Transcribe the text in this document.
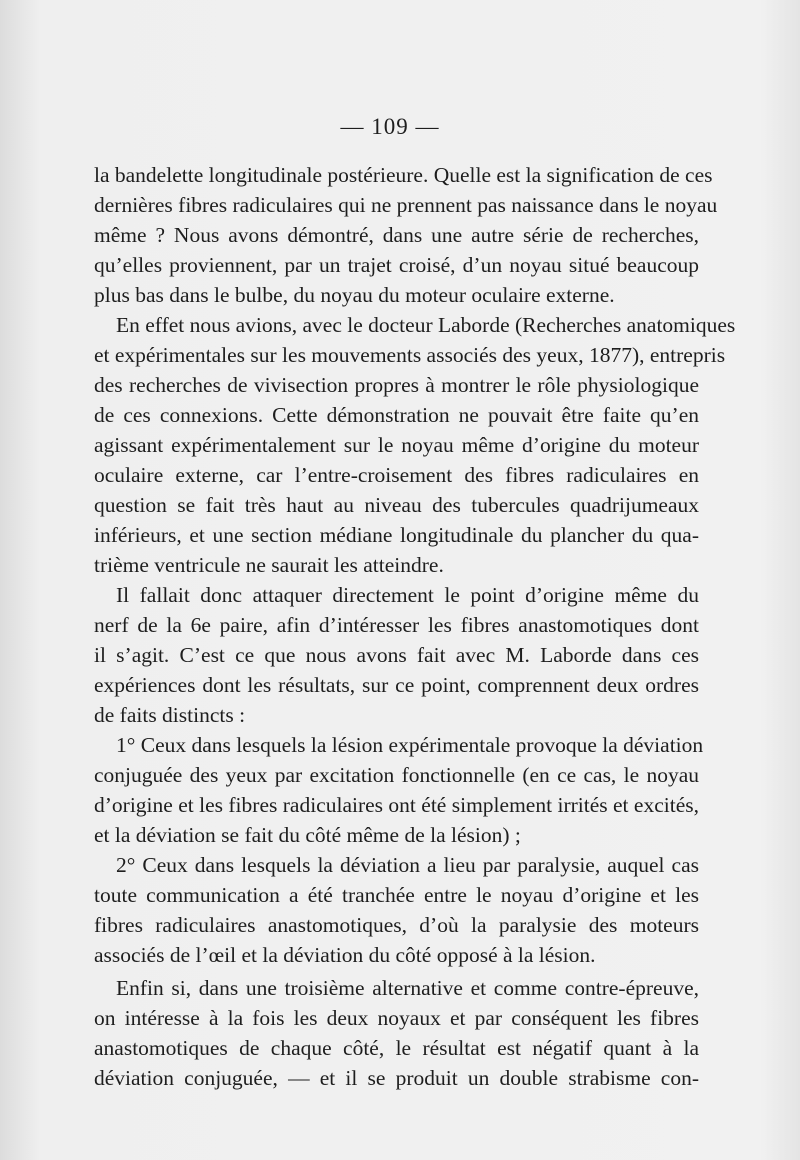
— 109 —
la bandelette longitudinale postérieure. Quelle est la signification de ces
dernières fibres radiculaires qui ne prennent pas naissance dans le noyau
même ? Nous avons démontré, dans une autre série de recherches,
qu’elles proviennent, par un trajet croisé, d’un noyau situé beaucoup
plus bas dans le bulbe, du noyau du moteur oculaire externe.
En effet nous avions, avec le docteur Laborde (Recherches anatomiques
et expérimentales sur les mouvements associés des yeux, 1877), entrepris
des recherches de vivisection propres à montrer le rôle physiologique
de ces connexions. Cette démonstration ne pouvait être faite qu’en
agissant expérimentalement sur le noyau même d’origine du moteur
oculaire externe, car l’entre-croisement des fibres radiculaires en
question se fait très haut au niveau des tubercules quadrijumeaux
inférieurs, et une section médiane longitudinale du plancher du qua-
trième ventricule ne saurait les atteindre.
Il fallait donc attaquer directement le point d’origine même du
nerf de la 6e paire, afin d’intéresser les fibres anastomotiques dont
il s’agit. C’est ce que nous avons fait avec M. Laborde dans ces
expériences dont les résultats, sur ce point, comprennent deux ordres
de faits distincts :
1° Ceux dans lesquels la lésion expérimentale provoque la déviation
conjuguée des yeux par excitation fonctionnelle (en ce cas, le noyau
d’origine et les fibres radiculaires ont été simplement irrités et excités,
et la déviation se fait du côté même de la lésion) ;
2° Ceux dans lesquels la déviation a lieu par paralysie, auquel cas
toute communication a été tranchée entre le noyau d’origine et les
fibres radiculaires anastomotiques, d’où la paralysie des moteurs
associés de l’œil et la déviation du côté opposé à la lésion.
Enfin si, dans une troisième alternative et comme contre-épreuve,
on intéresse à la fois les deux noyaux et par conséquent les fibres
anastomotiques de chaque côté, le résultat est négatif quant à la
déviation conjuguée, — et il se produit un double strabisme con-
